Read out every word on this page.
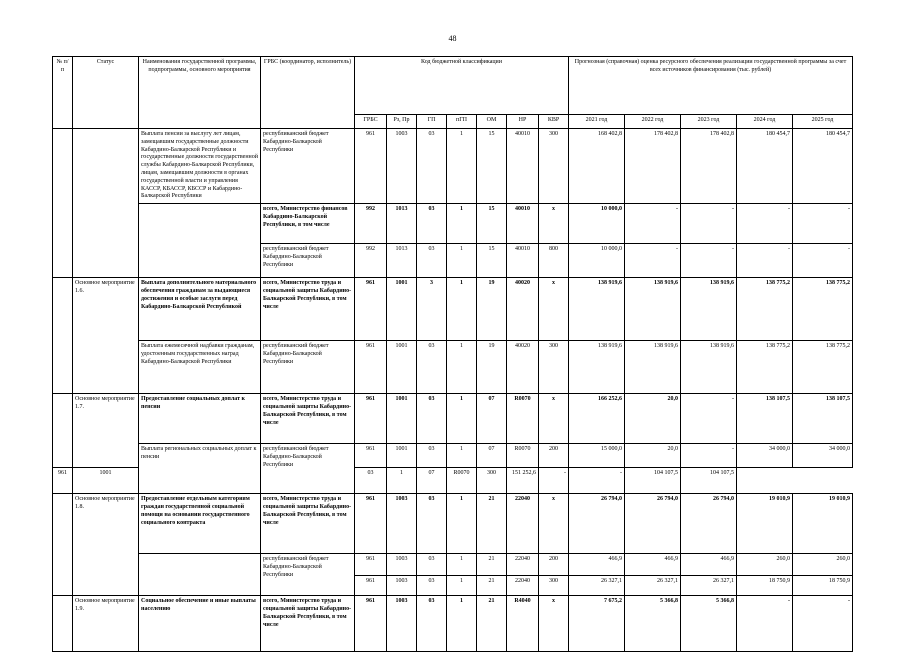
48
№ п/п	Статус	Наименования государственной программы, подпрограммы, основного мероприятия	ГРБС (координатор, исполнитель)	Код бюджетной классификации							Прогнозная (справочная) оценка ресурсного обеспечения реализации государственной программы за счет всех источников финансирования (тыс. рублей)				
				ГРБС	Рз, Пр	ГП	пГП	ОМ	НР	КВР	2021 год	2022 год	2023 год	2024 год	2025 год
		Выплата пенсии за выслугу лет лицам, замещавшим государственные должности Кабардино-Балкарской Республики и государственные должности государственной службы Кабардино-Балкарской Республики, лицам, замещавшим должности в органах государственной власти и управления КАССР, КБАССР, КБССР и Кабардино-Балкарской Республики	республиканский бюджет Кабардино-Балкарской Республики	961	1003	03	1	15	40010	300	168 402,8	178 402,8	178 402,8	180 454,7	180 454,7
			всего, Министерство финансов Кабардино-Балкарской Республики, в том числе	992	1013	03	1	15	40010	x	10 000,0	-	-	-	-
			республиканский бюджет Кабардино-Балкарской Республики	992	1013	03	1	15	40010	800	10 000,0	-	-	-	-
	Основное мероприятие 1.6.	Выплата дополнительного материального обеспечения гражданам за выдающиеся достижения и особые заслуги перед Кабардино-Балкарской Республикой	всего, Министерство труда и социальной защиты Кабардино-Балкарской Республики, в том числе	961	1001	3	1	19	40020	x	138 919,6	138 919,6	138 919,6	138 775,2	138 775,2
		Выплата ежемесячной надбавки гражданам, удостоенным государственных наград Кабардино-Балкарской Республики	республиканский бюджет Кабардино-Балкарской Республики	961	1001	03	1	19	40020	300	138 919,6	138 919,6	138 919,6	138 775,2	138 775,2
	Основное мероприятие 1.7.	Предоставление социальных доплат к пенсии	всего, Министерство труда и социальной защиты Кабардино-Балкарской Республики, в том числе	961	1001	03	1	07	R0070	x	166 252,6	20,0	-	138 107,5	138 107,5
		Выплата региональных социальных доплат к пенсии	республиканский бюджет Кабардино-Балкарской Республики	961	1001	03	1	07	R0070	200	15 000,0	20,0	-	34 000,0	34 000,0
961	1001			03	1	07	R0070	300	151 252,6	-	-	104 107,5	104 107,5		
	Основное мероприятие 1.8.	Предоставление отдельным категориям граждан государственной социальной помощи на основании государственного социального контракта	всего, Министерство труда и социальной защиты Кабардино-Балкарской Республики, в том числе	961	1003	03	1	21	22040	x	26 794,0	26 794,0	26 794,0	19 010,9	19 010,9
			республиканский бюджет Кабардино-Балкарской Республики	961	1003	03	1	21	22040	200	466,9	466,9	466,9	260,0	260,0
				961	1003	03	1	21	22040	300	26 327,1	26 327,1	26 327,1	18 750,9	18 750,9
	Основное мероприятие 1.9.	Социальное обеспечение и иные выплаты населению	всего, Министерство труда и социальной защиты Кабардино-Балкарской Республики, в том числе	961	1003	03	1	21	R4040	x	7 675,2	5 366,8	5 366,8	-	-
